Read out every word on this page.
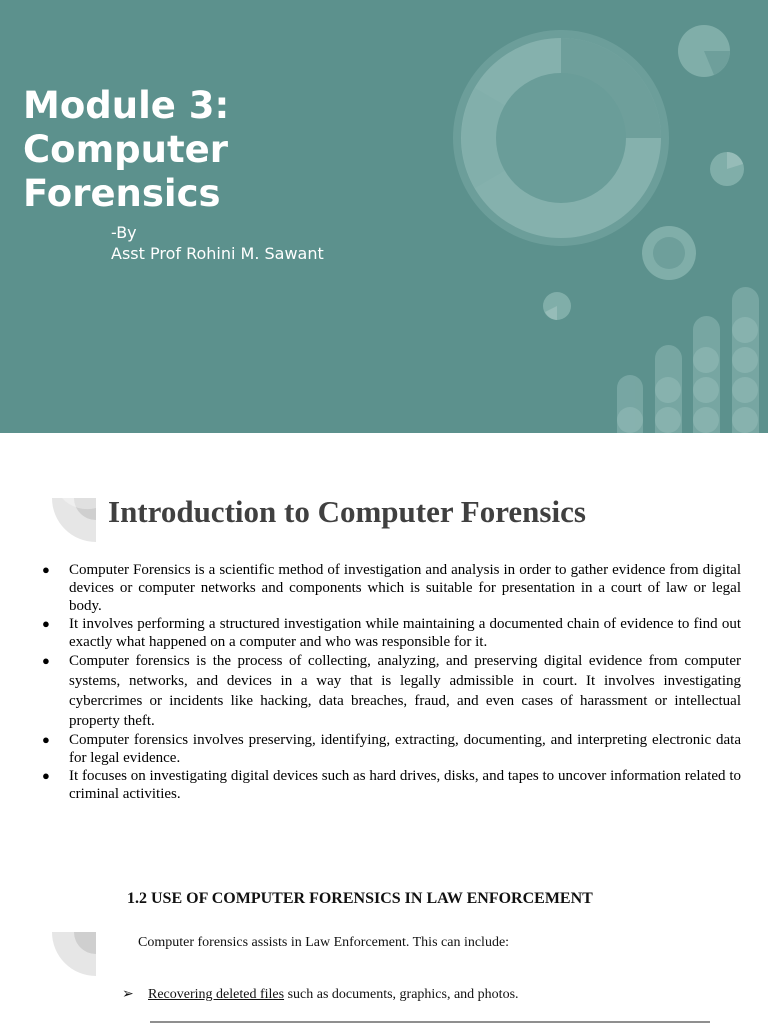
Module 3:
Computer
Forensics
-By
Asst Prof Rohini M. Sawant
Introduction to Computer Forensics
● Computer Forensics is a scientific method of investigation and analysis in order to gather evidence from digital devices or computer networks and components which is suitable for presentation in a court of law or legal body.
● It involves performing a structured investigation while maintaining a documented chain of evidence to find out exactly what happened on a computer and who was responsible for it.
● Computer forensics is the process of collecting, analyzing, and preserving digital evidence from computer systems, networks, and devices in a way that is legally admissible in court. It involves investigating cybercrimes or incidents like hacking, data breaches, fraud, and even cases of harassment or intellectual property theft.
● Computer forensics involves preserving, identifying, extracting, documenting, and interpreting electronic data for legal evidence.
● It focuses on investigating digital devices such as hard drives, disks, and tapes to uncover information related to criminal activities.
1.2 USE OF COMPUTER FORENSICS IN LAW ENFORCEMENT
Computer forensics assists in Law Enforcement. This can include:
➢ Recovering deleted files such as documents, graphics, and photos.
